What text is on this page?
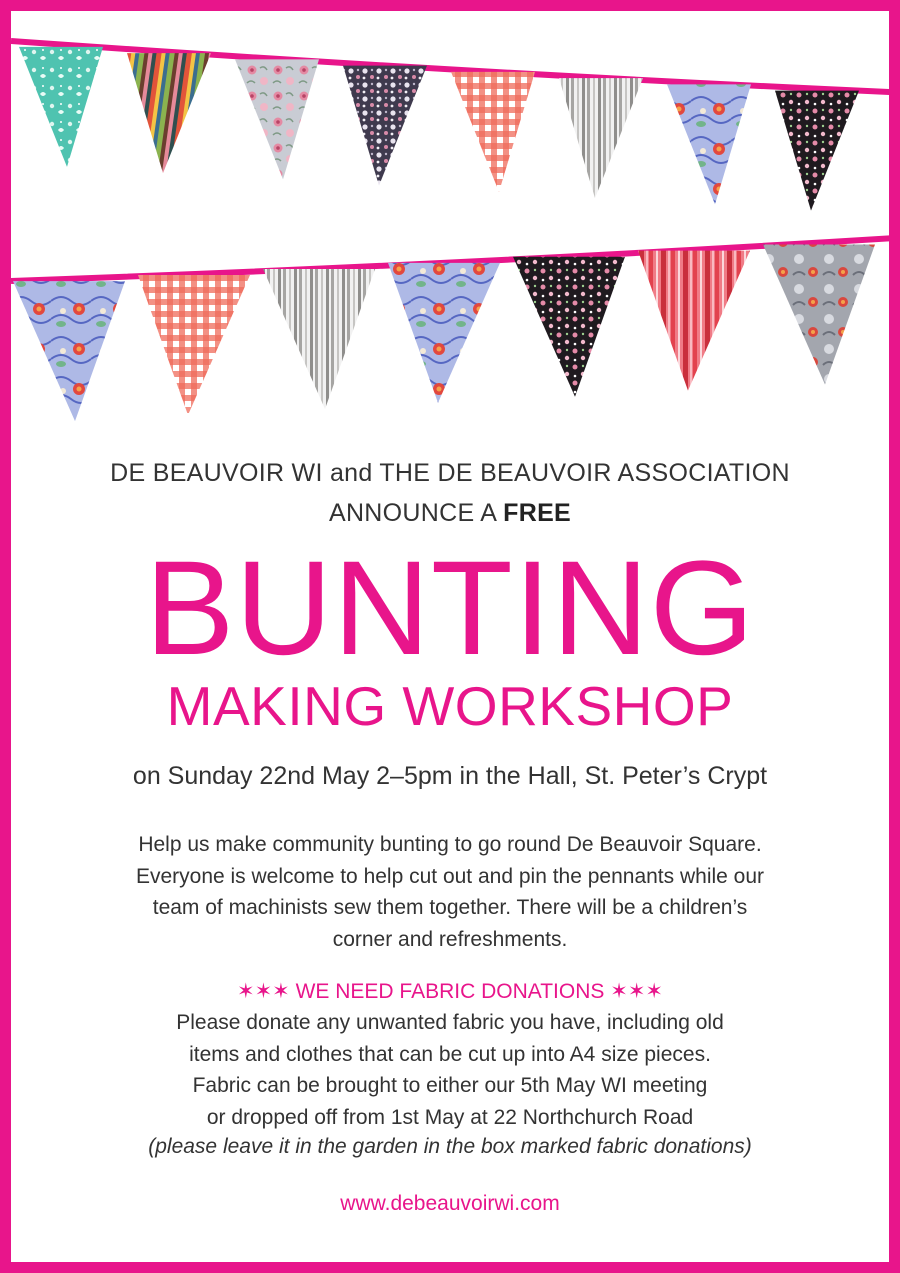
DE BEAUVOIR WI and THE DE BEAUVOIR ASSOCIATION
ANNOUNCE A FREE
BUNTING
MAKING WORKSHOP
on Sunday 22nd May 2–5pm in the Hall, St. Peter’s Crypt
Help us make community bunting to go round De Beauvoir Square.
Everyone is welcome to help cut out and pin the pennants while our
team of machinists sew them together. There will be a children’s
corner and refreshments.
✶✶✶ WE NEED FABRIC DONATIONS ✶✶✶
Please donate any unwanted fabric you have, including old
items and clothes that can be cut up into A4 size pieces.
Fabric can be brought to either our 5th May WI meeting
or dropped off from 1st May at 22 Northchurch Road
(please leave it in the garden in the box marked fabric donations)
www.debeauvoirwi.com
